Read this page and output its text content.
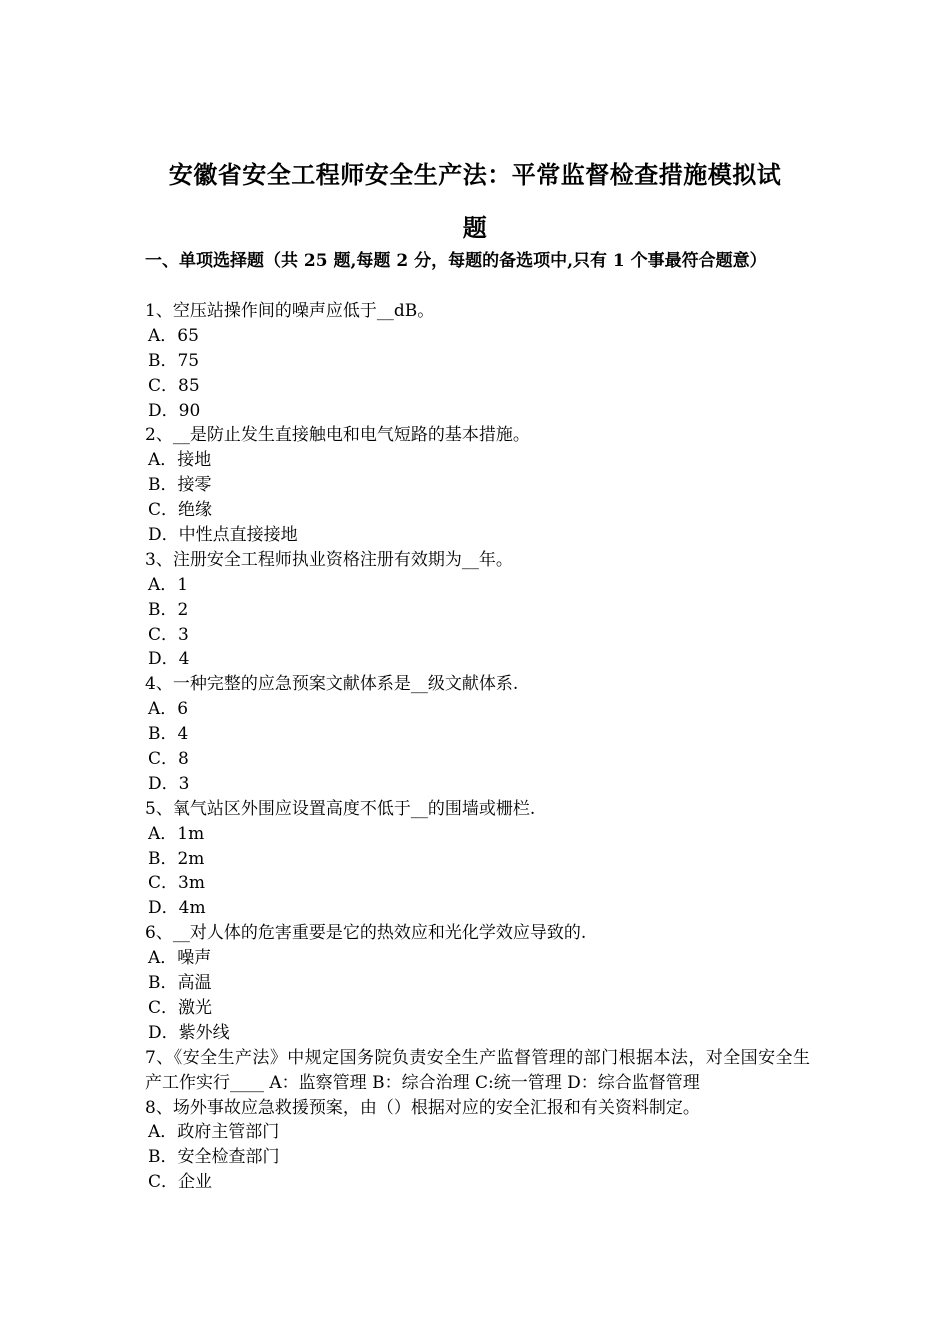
安徽省安全工程师安全生产法：平常监督检查措施模拟试
题
一、单项选择题（共 25 题,每题 2 分，每题的备选项中,只有 1 个事最符合题意）
1、空压站操作间的噪声应低于__dB。
A．65
B．75
C．85
D．90
2、__是防止发生直接触电和电气短路的基本措施。
A．接地
B．接零
C．绝缘
D．中性点直接接地
3、注册安全工程师执业资格注册有效期为__年。
A．1
B．2
C．3
D．4
4、一种完整的应急预案文献体系是__级文献体系.
A．6
B．4
C．8
D．3
5、氧气站区外围应设置高度不低于__的围墙或栅栏.
A．1m
B．2m
C．3m
D．4m
6、__对人体的危害重要是它的热效应和光化学效应导致的.
A．噪声
B．高温
C．激光
D．紫外线
7、《安全生产法》中规定国务院负责安全生产监督管理的部门根据本法，对全国安全生产工作实行____ A：监察管理 B：综合治理 C:统一管理 D：综合监督管理
8、场外事故应急救援预案，由（）根据对应的安全汇报和有关资料制定。
A．政府主管部门
B．安全检查部门
C．企业
